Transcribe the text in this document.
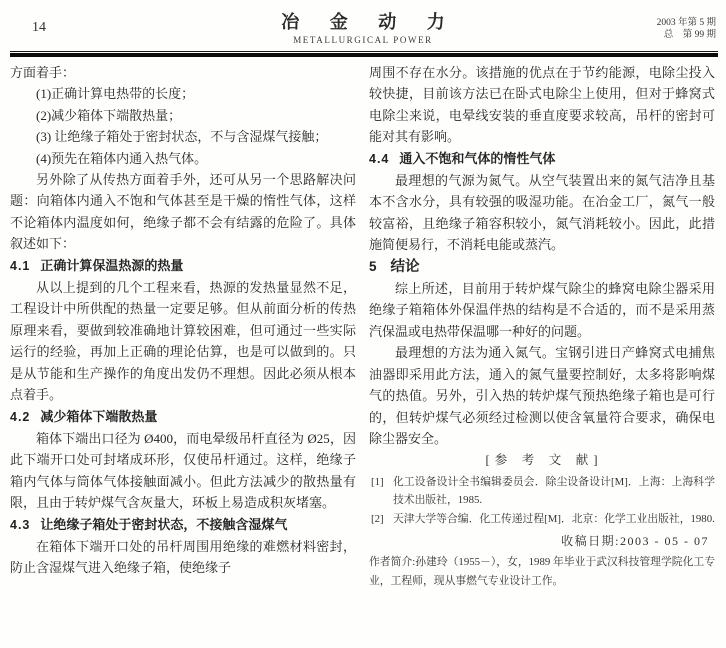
14	冶 金 动 力
METALLURGICAL POWER
2003 年第 5 期
总　第 99 期

方面着手：

(1)正确计算电热带的长度；

(2)减少箱体下端散热量；

(3) 让绝缘子箱处于密封状态，不与含湿煤气接触；

(4)预先在箱体内通入热气体。

另外除了从传热方面着手外，还可从另一个思路解决问题：向箱体内通入不饱和气体甚至是干燥的惰性气体，这样不论箱体内温度如何，绝缘子都不会有结露的危险了。具体叙述如下：

4.1 正确计算保温热源的热量

从以上提到的几个工程来看，热源的发热量显然不足，工程设计中所供配的热量一定要足够。但从前面分析的传热原理来看，要做到较准确地计算较困难，但可通过一些实际运行的经验，再加上正确的理论估算，也是可以做到的。只是从节能和生产操作的角度出发仍不理想。因此必须从根本点着手。

4.2 减少箱体下端散热量

箱体下端出口径为 Ø400，而电晕级吊杆直径为 Ø25，因此下端开口处可封堵成环形，仅使吊杆通过。这样，绝缘子箱内气体与筒体气体接触面减小。但此方法减少的散热量有限，且由于转炉煤气含灰量大，环板上易造成积灰堵塞。

4.3 让绝缘子箱处于密封状态，不接触含湿煤气

在箱体下端开口处的吊杆周围用绝缘的难燃材料密封，防止含湿煤气进入绝缘子箱，使绝缘子

周围不存在水分。该措施的优点在于节约能源，电除尘投入较快捷，目前该方法已在卧式电除尘上使用，但对于蜂窝式电除尘来说，电晕线安装的垂直度要求较高，吊杆的密封可能对其有影响。

4.4 通入不饱和气体的惰性气体

最理想的气源为氮气。从空气装置出来的氮气洁净且基本不含水分，具有较强的吸湿功能。在冶金工厂，氮气一般较富裕，且绝缘子箱容积较小，氮气消耗较小。因此，此措施简便易行，不消耗电能或蒸汽。

5 结论

综上所述，目前用于转炉煤气除尘的蜂窝电除尘器采用绝缘子箱箱体外保温伴热的结构是不合适的，而不是采用蒸汽保温或电热带保温哪一种好的问题。

最理想的方法为通入氮气。宝钢引进日产蜂窝式电捕焦油器即采用此方法，通入的氮气量要控制好，太多将影响煤气的热值。另外，引入热的转炉煤气预热绝缘子箱也是可行的，但转炉煤气必须经过检测以使含氧量符合要求，确保电除尘器安全。

[ 参　考　文　献 ]
[1] 化工设备设计全书编辑委员会．除尘设备设计[M]．上海：上海科学技术出版社，1985.
[2] 天津大学等合编．化工传递过程[M]．北京：化学工业出版社，1980.
收稿日期:2003 - 05 - 07
作者简介:孙建玲（1955－），女，1989 年毕业于武汉科技管理学院化工专业，工程师，现从事燃气专业设计工作。
